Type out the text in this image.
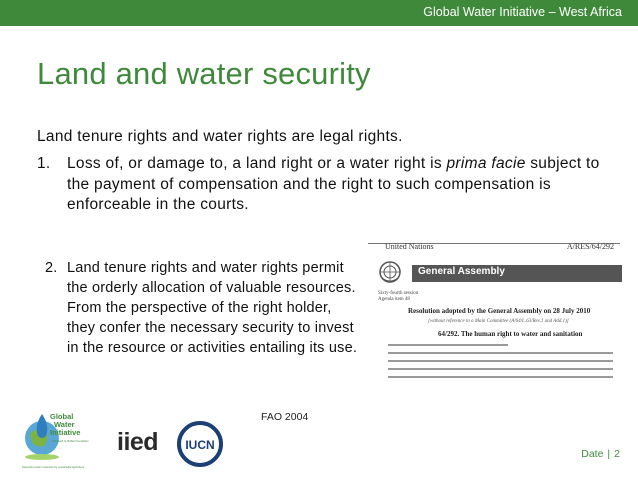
Global Water Initiative – West Africa
Land and water security
Land tenure rights and water rights are legal rights.
1. Loss of, or damage to, a land right or a water right is prima facie subject to the payment of compensation and the right to such compensation is enforceable in the courts.
2. Land tenure rights and water rights permit the orderly allocation of valuable resources. From the perspective of the right holder, they confer the necessary security to invest in the resource or activities entailing its use.
United Nations	A/RES/64/292
General Assembly	Distr.: General
3 August 2010
Sixty-fourth session
Agenda item 48
Resolution adopted by the General Assembly on 28 July 2010
[without reference to a Main Committee (A/64/L.63/Rev.1 and Add.1)]
64/292. The human right to water and sanitation
FAO 2004
Global
Water
Initiative
A Howard G. Buffett Foundation
Supporting water resources for sustainable agriculture
iied IUCN
Date | 2
